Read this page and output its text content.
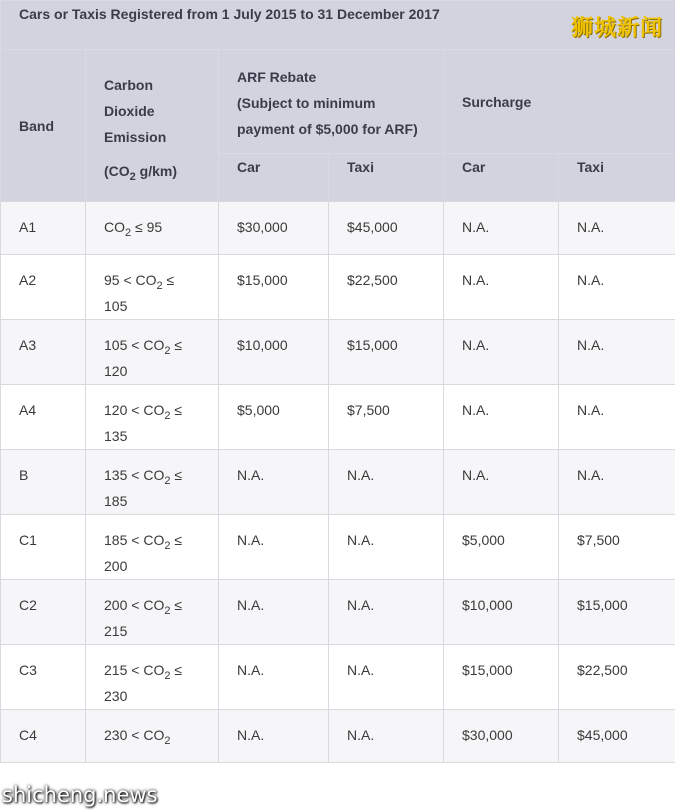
Cars or Taxis Registered from 1 July 2015 to 31 December 2017					
Band	Carbon
Dioxide
Emission
($CO_2$ g/km)	ARF Rebate
(Subject to minimum
payment of $5,000 for ARF)		Surcharge	
		Car	Taxi	Car	Taxi
A1	$CO_2 \le 95$	$30,000	$45,000	N.A.	N.A.
A2	$95 < CO_2$ ≤
105	$15,000	$22,500	N.A.	N.A.
A3	$105 < CO_2$ ≤
120	$10,000	$15,000	N.A.	N.A.
A4	$120 < CO_2$ ≤
135	$5,000	$7,500	N.A.	N.A.
B	$135 < CO_2$ ≤
185	N.A.	N.A.	N.A.	N.A.
C1	$185 < CO_2$ ≤
200	N.A.	N.A.	$5,000	$7,500
C2	$200 < CO_2$ ≤
215	N.A.	N.A.	$10,000	$15,000
C3	$215 < CO_2$ ≤
230	N.A.	N.A.	$15,000	$22,500
C4	$230 < CO_2$	N.A.	N.A.	$30,000	$45,000
狮城新闻
shicheng.news
